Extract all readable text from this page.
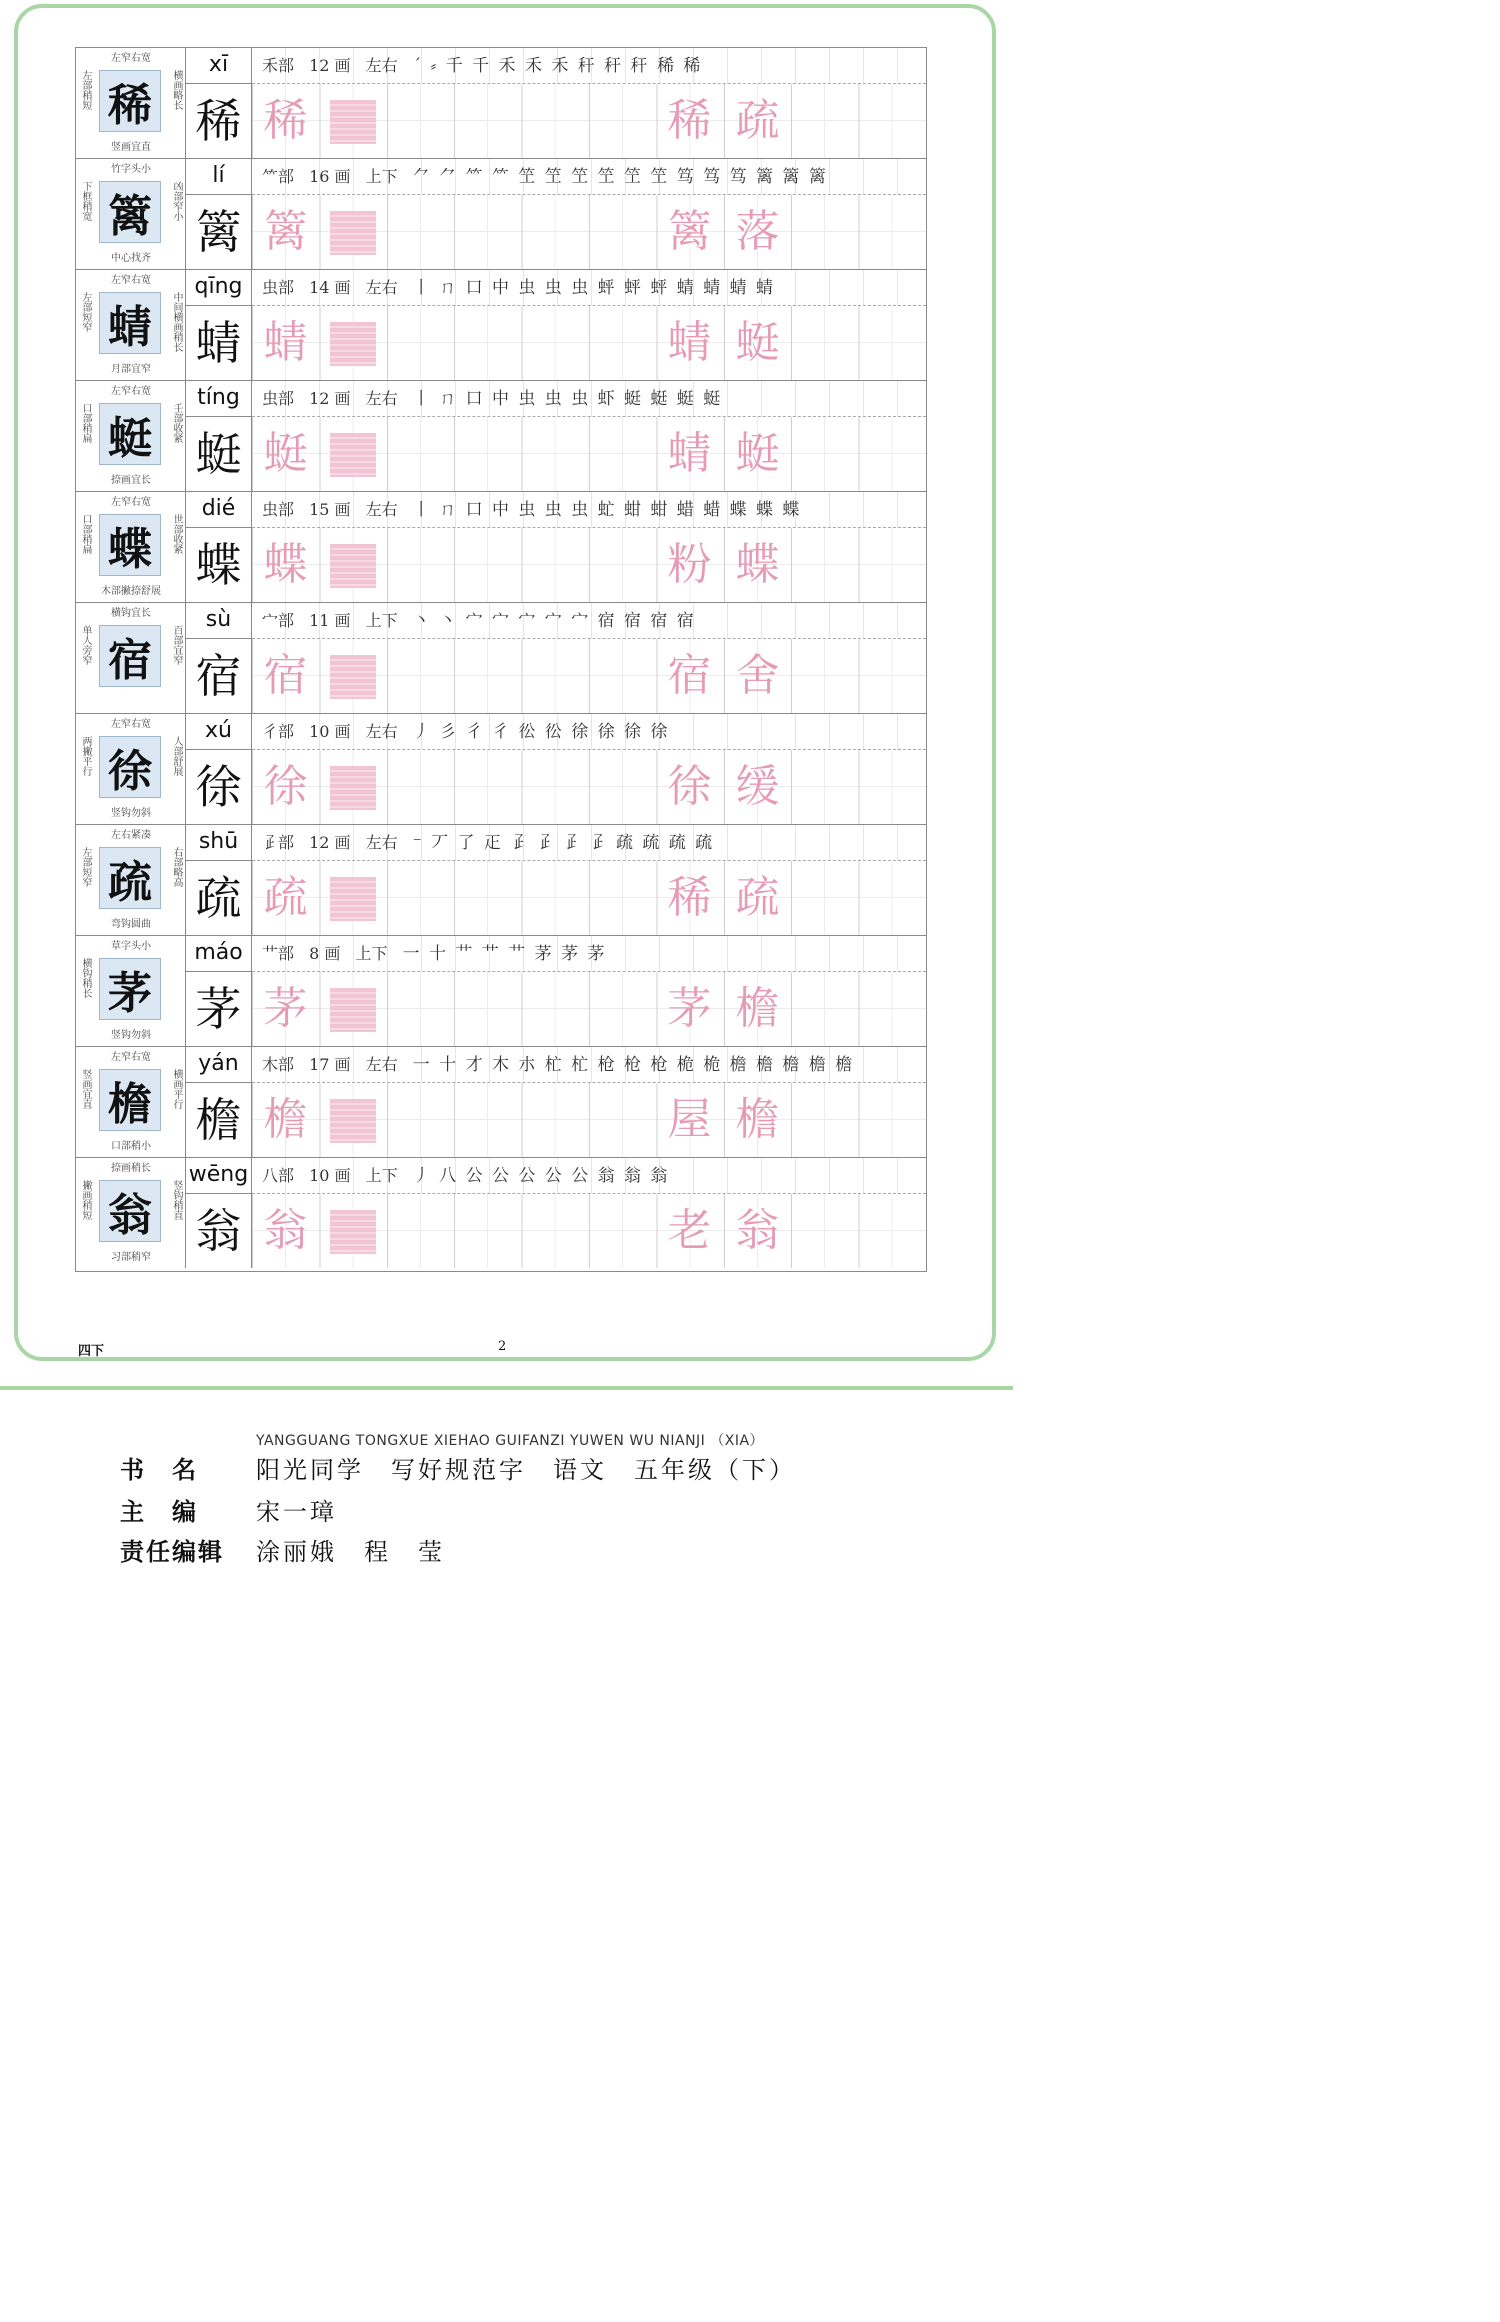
左窄右宽
左部稍短 稀	横画略长
竖画宜直
xī
稀
禾部 12 画 左右 ´ ⸗ 千 千 禾 禾 禾 秆 秆 秆 稀 稀
稀	稀 疏
竹字头小
下框稍宽 篱	凶部窄小
中心找齐
lí
篱
⺮部 16 画 上下 ⺈ ⺈ ⺮ ⺮ 笁 笁 笁 笁 笁 笁 笃 笃 笃 篱 篱 篱
篱	篱 落
左窄右宽
左部短窄 蜻	中间横画稍长
月部宜窄
qīng
蜻
虫部 14 画 左右 丨 ㄇ 口 中 虫 虫 虫 蚲 蚲 蚲 蜻 蜻 蜻 蜻
蜻	蜻 蜓
左窄右宽
口部稍扁 蜓	壬部收紧
捺画宜长
tíng
蜓
虫部 12 画 左右 丨 ㄇ 口 中 虫 虫 虫 虾 蜓 蜓 蜓 蜓
蜓	蜻 蜓
左窄右宽
口部稍扁 蝶	世部收紧
木部撇捺舒展
dié
蝶
虫部 15 画 左右 丨 ㄇ 口 中 虫 虫 虫 虻 蚶 蚶 蜡 蜡 蝶 蝶 蝶
蝶	粉 蝶
横钩宜长
单人旁窄 宿	百部宜窄
sù
宿
宀部 11 画 上下 丶 丶 宀 宀 宀 宀 宀 宿 宿 宿 宿
宿	宿 舍
左窄右宽
两撇平行 徐	人部舒展
竖钩勿斜
xú
徐
彳部 10 画 左右 丿 彡 彳 彳 彸 彸 徐 徐 徐 徐
徐	徐 缓
左右紧凑
左部短窄 疏	右部略高
弯钩圆曲
shū
疏
𤴔部 12 画 左右 ⁻ 丆 了 𤴓 𤴔 𤴔 𤴔 𤴔 疏 疏 疏 疏
疏	稀 疏
草字头小
横钩稍长 茅
竖钩勿斜
máo
茅
艹部 8 画 上下 一 十 艹 艹 艹 茅 茅 茅
茅	茅 檐
左窄右宽
竖画宜直 檐	横画平行
口部稍小
yán
檐
木部 17 画 左右 一 十 才 木 朩 杧 杧 枪 枪 枪 桅 桅 檐 檐 檐 檐 檐
檐	屋 檐
捺画稍长
撇画稍短 翁	竖钩稍直
习部稍窄
wēng
翁
八部 10 画 上下 丿 八 公 公 公 公 公 翁 翁 翁
翁	老 翁
四下	2
YANGGUANG TONGXUE XIEHAO GUIFANZI YUWEN WU NIANJI （XIA）
书　名 阳光同学　写好规范字　语文　五年级（下）
主　编 宋一璋
责任编辑 涂丽娥　程　莹
